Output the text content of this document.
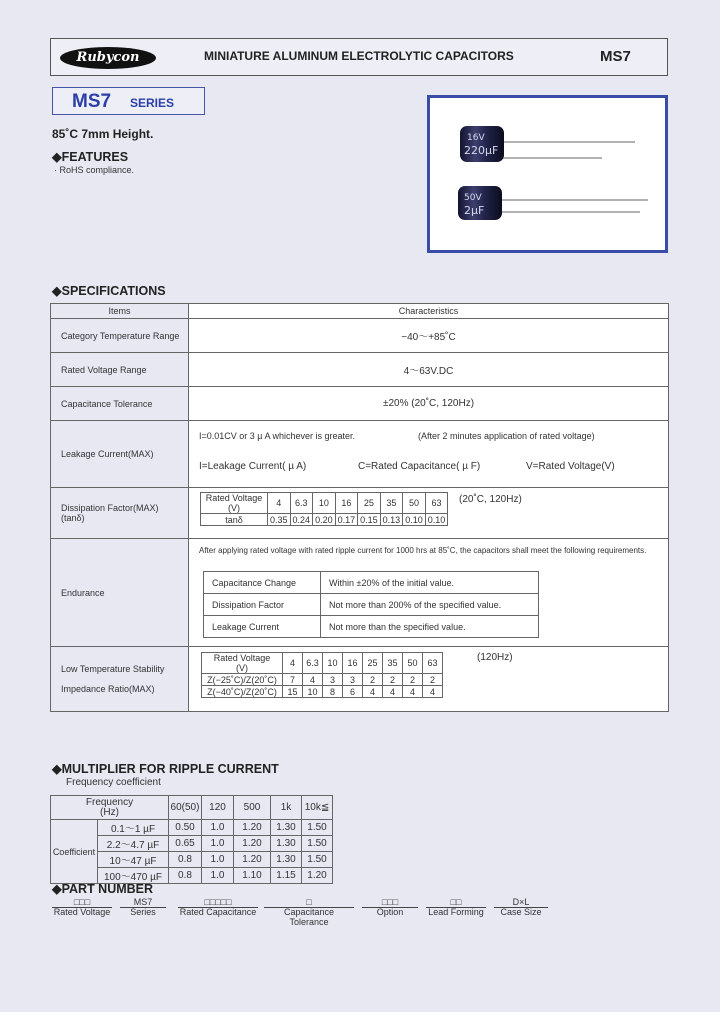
Rubycon	MINIATURE ALUMINUM ELECTROLYTIC CAPACITORS	MS7
MS7 SERIES
85˚C 7mm Height.
◆FEATURES
· RoHS compliance.
16V
220µF
50V
2µF
◆SPECIFICATIONS
Items	Characteristics
Category Temperature Range	−40～+85˚C
Rated Voltage Range	4～63V.DC
Capacitance Tolerance	±20% (20˚C, 120Hz)
Leakage Current(MAX)	
I=0.01CV or 3 µ A whichever is greater.	(After 2 minutes application of rated voltage)
I=Leakage Current( µ A)	C=Rated Capacitance( µ F)	V=Rated Voltage(V)

Dissipation Factor(MAX)
(tanδ)

Rated Voltage
(V)	4	6.3	10	16	25	35	50	63
tanδ	0.35	0.24	0.20	0.17	0.15	0.13	0.10	0.10
(20˚C, 120Hz)

Endurance	
After applying rated voltage with rated ripple current for 1000 hrs at 85˚C, the capacitors shall meet the following requirements.
Capacitance Change	Within ±20% of the initial value.
Dissipation Factor	Not more than 200% of the specified value.
Leakage Current	Not more than the specified value.

Low Temperature Stability
Impedance Ratio(MAX)

Rated Voltage
(V)	4	6.3	10	16	25	35	50	63
Z(−25˚C)/Z(20˚C)	7	4	3	3	2	2	2	2
Z(−40˚C)/Z(20˚C)	15	10	8	6	4	4	4	4
(120Hz)
◆MULTIPLIER FOR RIPPLE CURRENT
Frequency coefficient
Frequency
(Hz)		60(50)	120	500	1k	10k≦
Coefficient	0.1～1 µF	0.50	1.0	1.20	1.30	1.50
	2.2～4.7 µF	0.65	1.0	1.20	1.30	1.50
	10～47 µF	0.8	1.0	1.20	1.30	1.50
	100～470 µF	0.8	1.0	1.10	1.15	1.20
◆PART NUMBER
□□□
Rated Voltage
MS7
Series
□□□□□
Rated Capacitance
□
Capacitance Tolerance
□□□
Option
□□
Lead Forming
D×L
Case Size
